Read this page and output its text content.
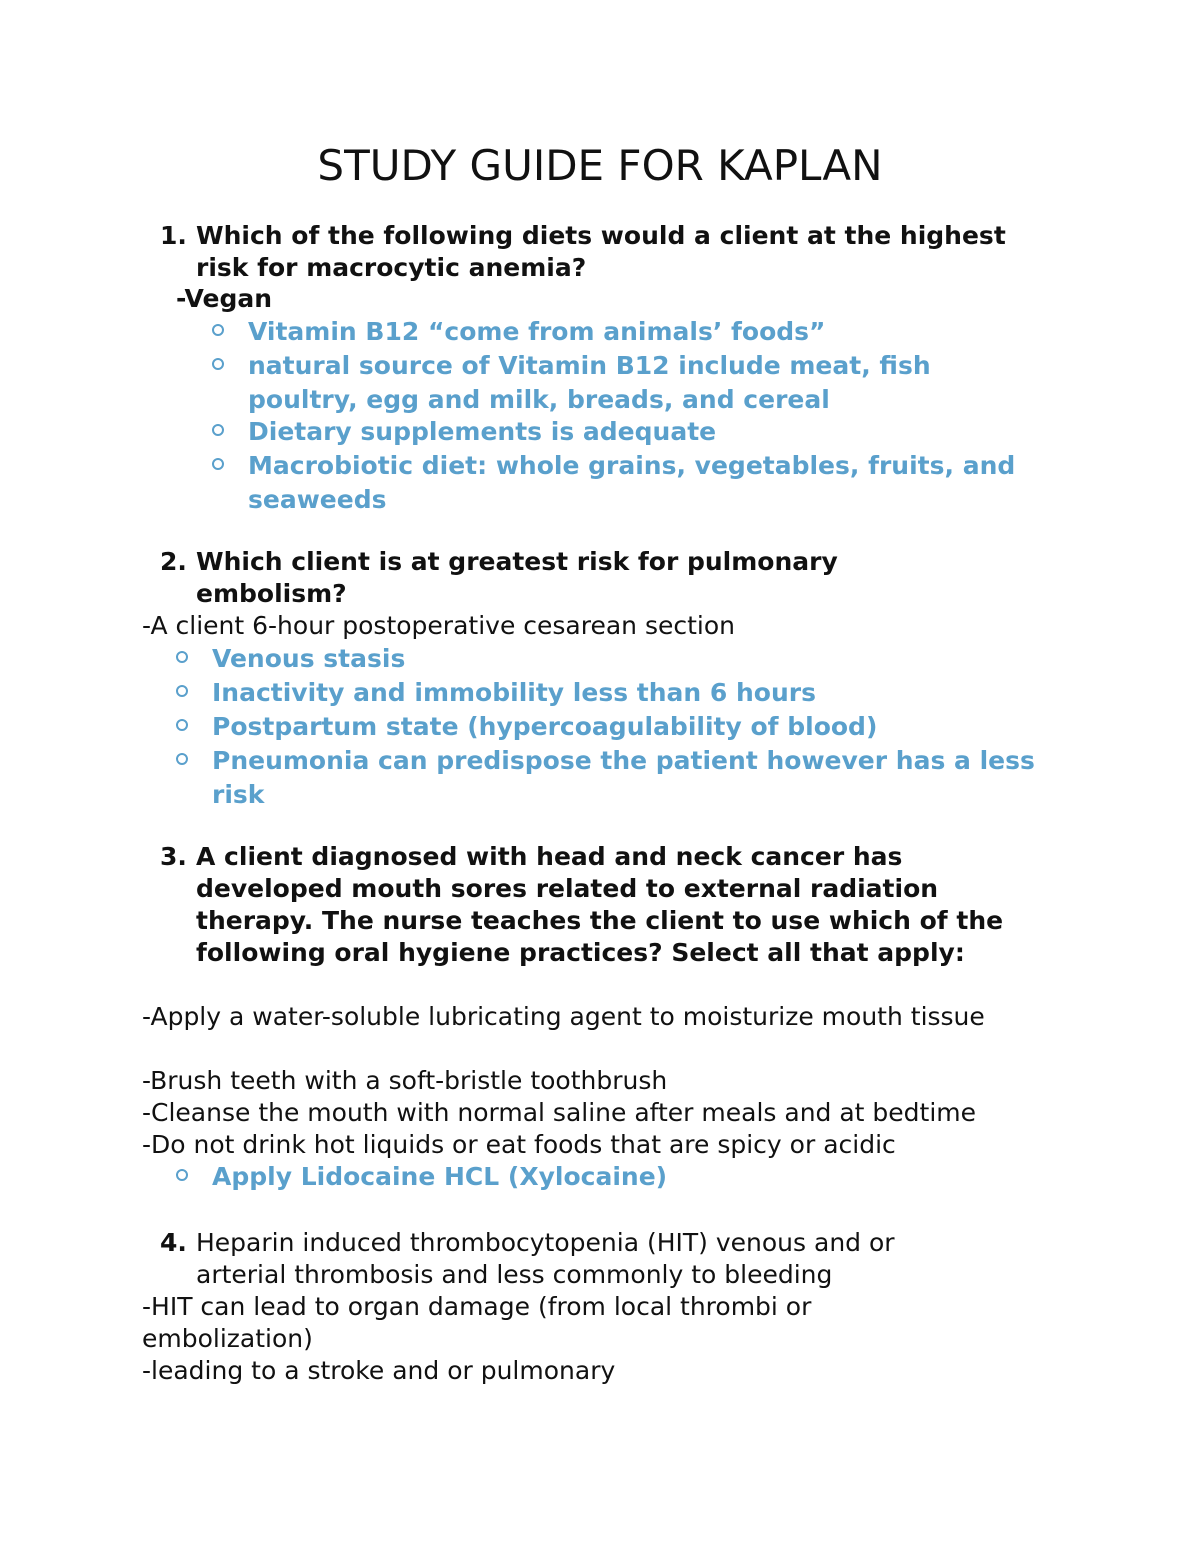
STUDY GUIDE FOR KAPLAN
1. Which of the following diets would a client at the highest risk for macrocytic anemia?
-Vegan
Vitamin B12 “come from animals’ foods”
natural source of Vitamin B12 include meat, fish poultry, egg and milk, breads, and cereal
Dietary supplements is adequate
Macrobiotic diet: whole grains, vegetables, fruits, and seaweeds
2. Which client is at greatest risk for pulmonary embolism?
-A client 6-hour postoperative cesarean section
Venous stasis
Inactivity and immobility less than 6 hours
Postpartum state (hypercoagulability of blood)
Pneumonia can predispose the patient however has a less risk
3. A client diagnosed with head and neck cancer has developed mouth sores related to external radiation therapy. The nurse teaches the client to use which of the following oral hygiene practices? Select all that apply:
-Apply a water-soluble lubricating agent to moisturize mouth tissue
-Brush teeth with a soft-bristle toothbrush
-Cleanse the mouth with normal saline after meals and at bedtime
-Do not drink hot liquids or eat foods that are spicy or acidic
Apply Lidocaine HCL (Xylocaine)
4. Heparin induced thrombocytopenia (HIT) venous and or arterial thrombosis and less commonly to bleeding
-HIT can lead to organ damage (from local thrombi or embolization)
-leading to a stroke and or pulmonary
